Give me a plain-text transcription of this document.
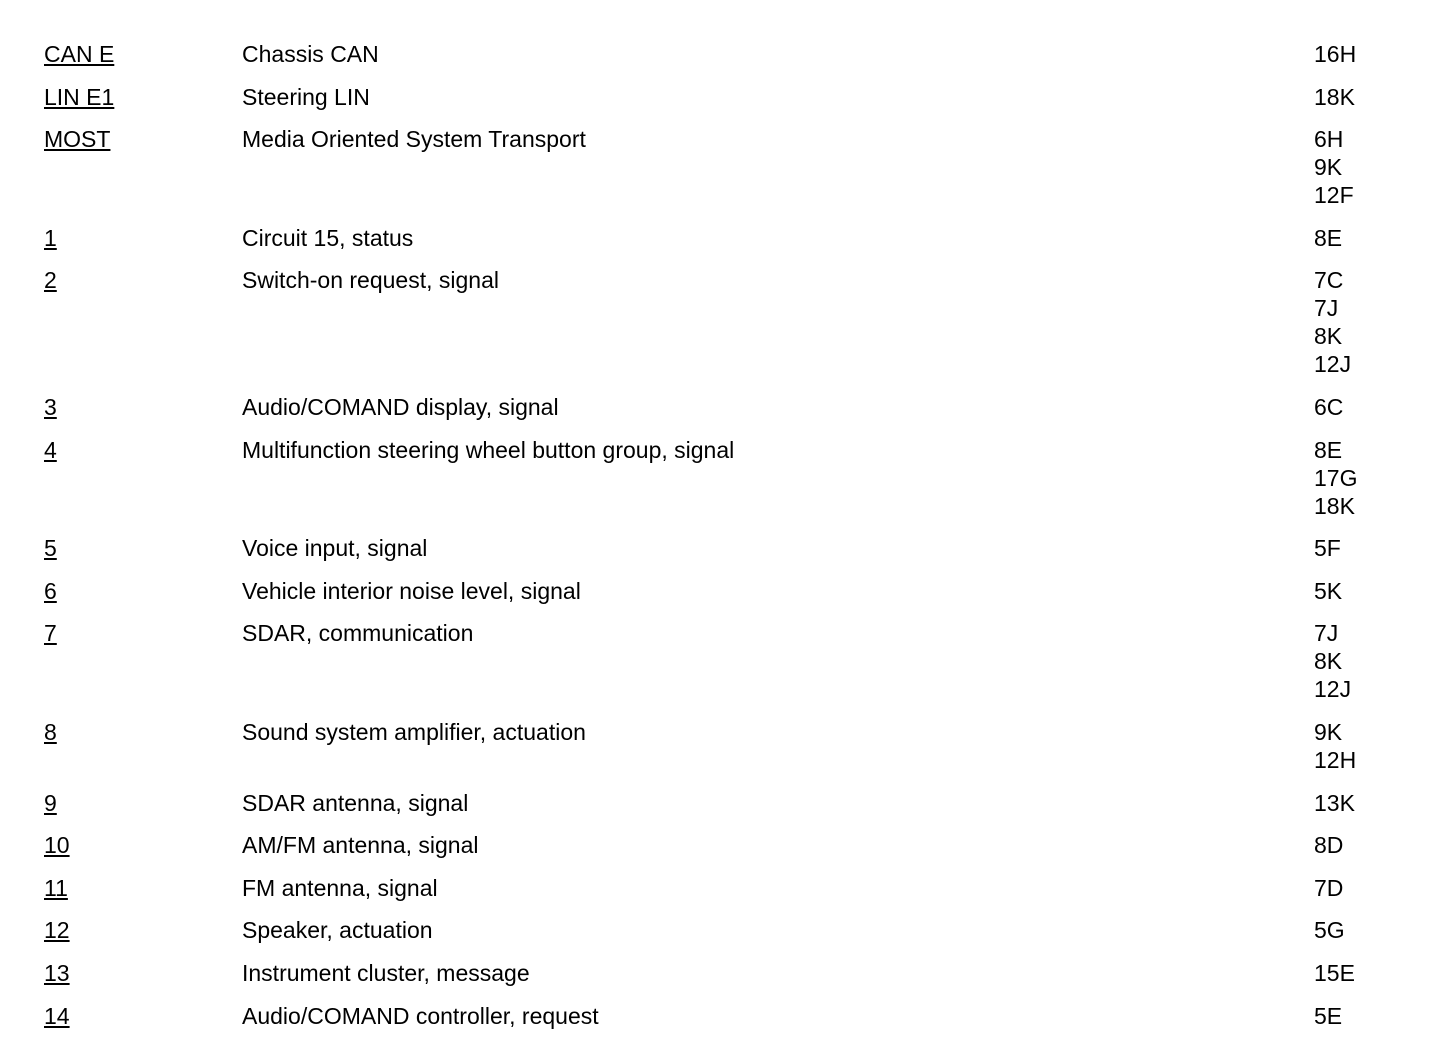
CAN E	Chassis CAN	16H
LIN E1	Steering LIN	18K
MOST	Media Oriented System Transport	6H
9K
12F
1	Circuit 15, status	8E
2	Switch-on request, signal	7C
7J
8K
12J
3	Audio/COMAND display, signal	6C
4	Multifunction steering wheel button group, signal	8E
17G
18K
5	Voice input, signal	5F
6	Vehicle interior noise level, signal	5K
7	SDAR, communication	7J
8K
12J
8	Sound system amplifier, actuation	9K
12H
9	SDAR antenna, signal	13K
10	AM/FM antenna, signal	8D
11	FM antenna, signal	7D
12	Speaker, actuation	5G
13	Instrument cluster, message	15E
14	Audio/COMAND controller, request	5E
